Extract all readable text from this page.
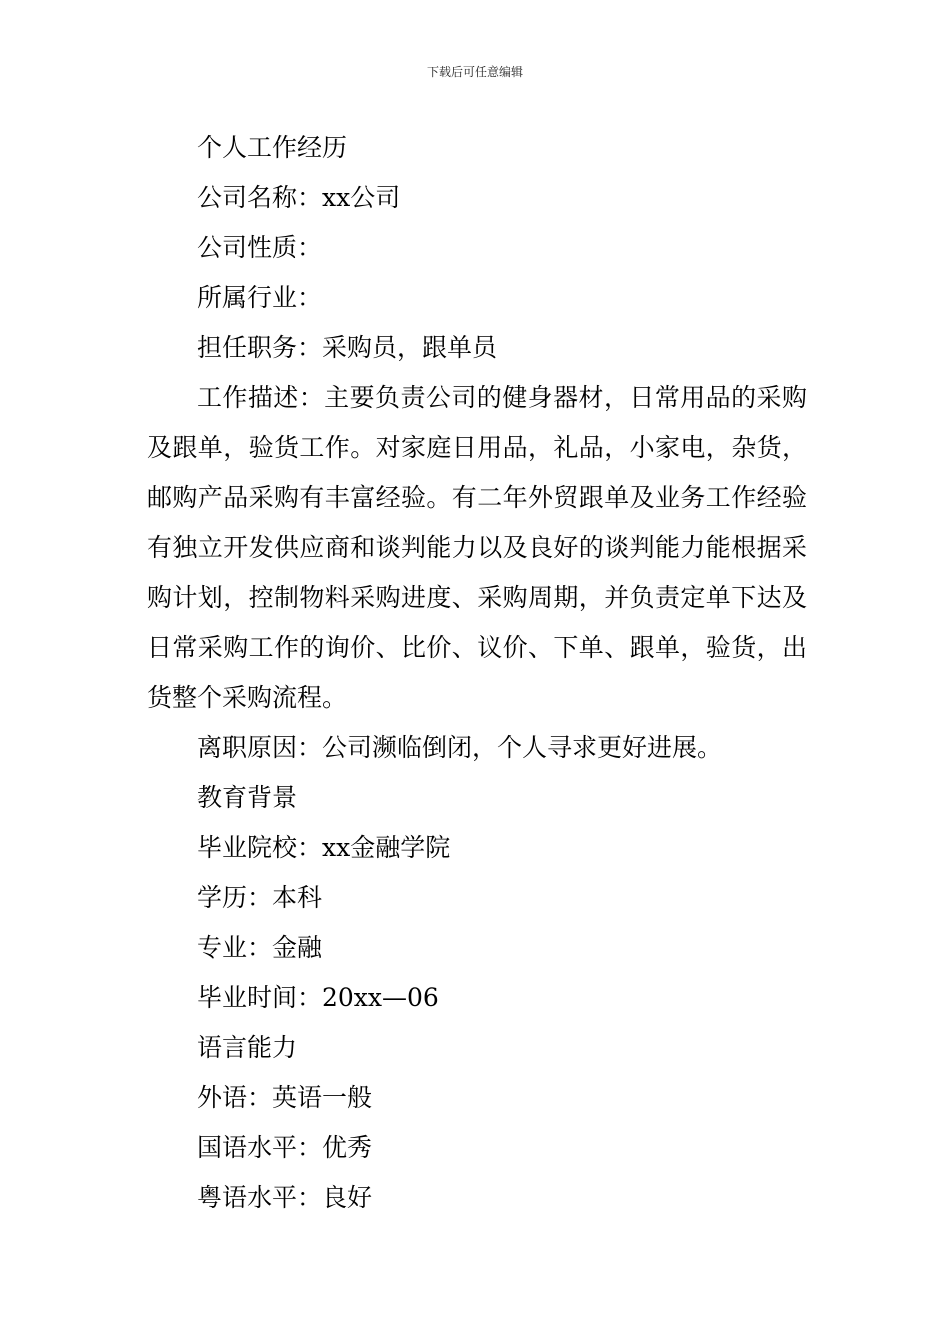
下载后可任意编辑
个人工作经历
公司名称：xx公司
公司性质：
所属行业：
担任职务：采购员，跟单员

工作描述：主要负责公司的健身器材，日常用品的采购及跟单，验货工作。对家庭日用品，礼品，小家电，杂货，邮购产品采购有丰富经验。有二年外贸跟单及业务工作经验有独立开发供应商和谈判能力以及良好的谈判能力能根据采购计划，控制物料采购进度、采购周期，并负责定单下达及日常采购工作的询价、比价、议价、下单、跟单，验货，出货整个采购流程。

离职原因：公司濒临倒闭，个人寻求更好进展。
教育背景
毕业院校：xx金融学院
学历：本科
专业：金融
毕业时间：20xx—06
语言能力
外语：英语一般
国语水平：优秀
粤语水平：良好
